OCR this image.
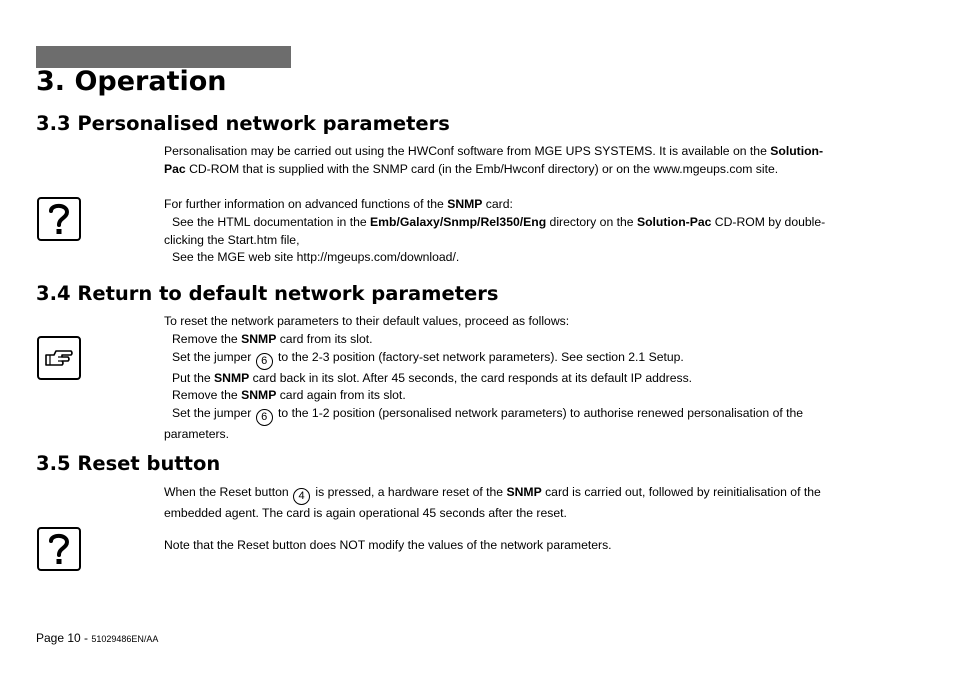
3. Operation
3.3 Personalised network parameters
Personalisation may be carried out using the HWConf software from MGE UPS SYSTEMS. It is available on the Solution-
Pac CD-ROM that is supplied with the SNMP card (in the Emb/Hwconf directory) or on the www.mgeups.com site.
For further information on advanced functions of the SNMP card:
See the HTML documentation in the Emb/Galaxy/Snmp/Rel350/Eng directory on the Solution-Pac CD-ROM by double-
clicking the Start.htm file,
See the MGE web site http://mgeups.com/download/.
3.4 Return to default network parameters
To reset the network parameters to their default values, proceed as follows:
Remove the SNMP card from its slot.
Set the jumper 6 to the 2-3 position (factory-set network parameters). See section 2.1 Setup.
Put the SNMP card back in its slot. After 45 seconds, the card responds at its default IP address.
Remove the SNMP card again from its slot.
Set the jumper 6 to the 1-2 position (personalised network parameters) to authorise renewed personalisation of the
parameters.
3.5 Reset button
When the Reset button 4 is pressed, a hardware reset of the SNMP card is carried out, followed by reinitialisation of the
embedded agent. The card is again operational 45 seconds after the reset.
Note that the Reset button does NOT modify the values of the network parameters.
Page 10 - 51029486EN/AA
